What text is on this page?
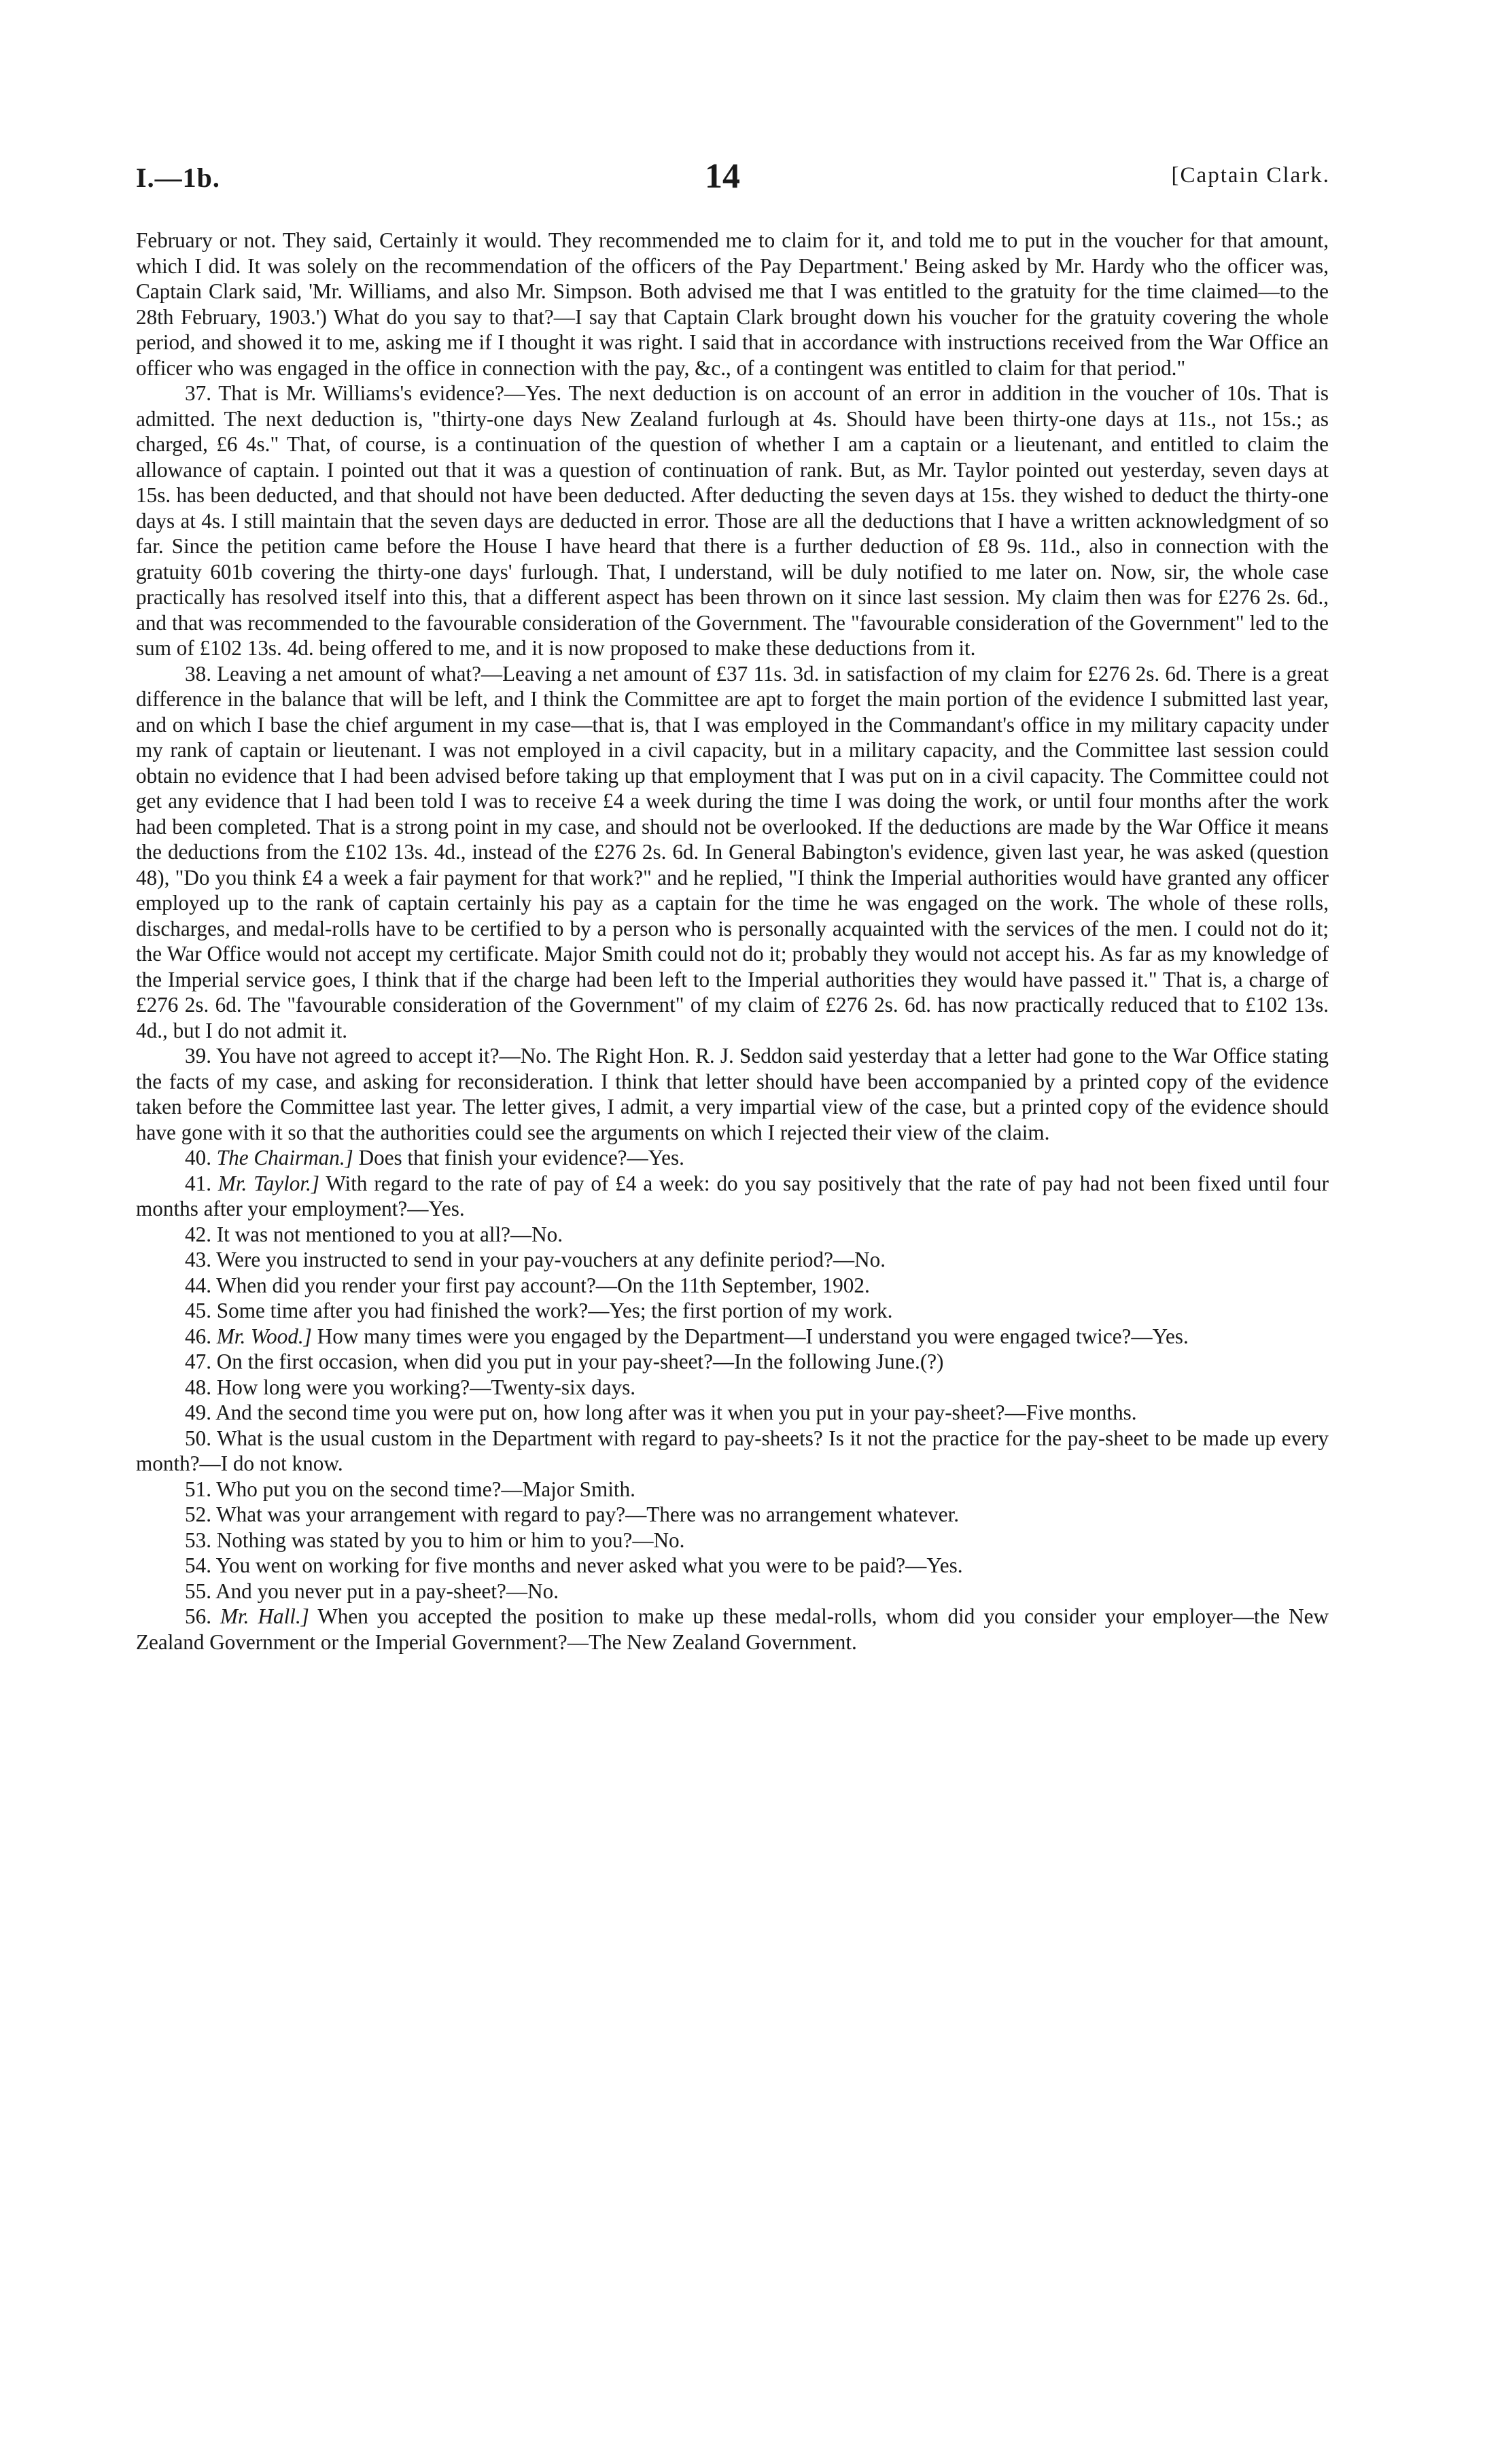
I.—1b.	14	[Captain Clark.

February or not. They said, Certainly it would. They recommended me to claim for it, and told me to put in the voucher for that amount, which I did. It was solely on the recommendation of the officers of the Pay Department.' Being asked by Mr. Hardy who the officer was, Captain Clark said, 'Mr. Williams, and also Mr. Simpson. Both advised me that I was entitled to the gratuity for the time claimed—to the 28th February, 1903.') What do you say to that?—I say that Captain Clark brought down his voucher for the gratuity covering the whole period, and showed it to me, asking me if I thought it was right. I said that in accordance with instructions received from the War Office an officer who was engaged in the office in connection with the pay, &c., of a contingent was entitled to claim for that period."

37. That is Mr. Williams's evidence?—Yes. The next deduction is on account of an error in addition in the voucher of 10s. That is admitted. The next deduction is, "thirty-one days New Zealand furlough at 4s. Should have been thirty-one days at 11s., not 15s.; as charged, £6 4s." That, of course, is a continuation of the question of whether I am a captain or a lieutenant, and entitled to claim the allowance of captain. I pointed out that it was a question of continuation of rank. But, as Mr. Taylor pointed out yesterday, seven days at 15s. has been deducted, and that should not have been deducted. After deducting the seven days at 15s. they wished to deduct the thirty-one days at 4s. I still maintain that the seven days are deducted in error. Those are all the deductions that I have a written acknowledgment of so far. Since the petition came before the House I have heard that there is a further deduction of £8 9s. 11d., also in connection with the gratuity 601b covering the thirty-one days' furlough. That, I understand, will be duly notified to me later on. Now, sir, the whole case practically has resolved itself into this, that a different aspect has been thrown on it since last session. My claim then was for £276 2s. 6d., and that was recommended to the favourable consideration of the Government. The "favourable consideration of the Government" led to the sum of £102 13s. 4d. being offered to me, and it is now proposed to make these deductions from it.

38. Leaving a net amount of what?—Leaving a net amount of £37 11s. 3d. in satisfaction of my claim for £276 2s. 6d. There is a great difference in the balance that will be left, and I think the Committee are apt to forget the main portion of the evidence I submitted last year, and on which I base the chief argument in my case—that is, that I was employed in the Commandant's office in my military capacity under my rank of captain or lieutenant. I was not employed in a civil capacity, but in a military capacity, and the Committee last session could obtain no evidence that I had been advised before taking up that employment that I was put on in a civil capacity. The Committee could not get any evidence that I had been told I was to receive £4 a week during the time I was doing the work, or until four months after the work had been completed. That is a strong point in my case, and should not be overlooked. If the deductions are made by the War Office it means the deductions from the £102 13s. 4d., instead of the £276 2s. 6d. In General Babington's evidence, given last year, he was asked (question 48), "Do you think £4 a week a fair payment for that work?" and he replied, "I think the Imperial authorities would have granted any officer employed up to the rank of captain certainly his pay as a captain for the time he was engaged on the work. The whole of these rolls, discharges, and medal-rolls have to be certified to by a person who is personally acquainted with the services of the men. I could not do it; the War Office would not accept my certificate. Major Smith could not do it; probably they would not accept his. As far as my knowledge of the Imperial service goes, I think that if the charge had been left to the Imperial authorities they would have passed it." That is, a charge of £276 2s. 6d. The "favourable consideration of the Government" of my claim of £276 2s. 6d. has now practically reduced that to £102 13s. 4d., but I do not admit it.

39. You have not agreed to accept it?—No. The Right Hon. R. J. Seddon said yesterday that a letter had gone to the War Office stating the facts of my case, and asking for reconsideration. I think that letter should have been accompanied by a printed copy of the evidence taken before the Committee last year. The letter gives, I admit, a very impartial view of the case, but a printed copy of the evidence should have gone with it so that the authorities could see the arguments on which I rejected their view of the claim.

40. The Chairman.] Does that finish your evidence?—Yes.

41. Mr. Taylor.] With regard to the rate of pay of £4 a week: do you say positively that the rate of pay had not been fixed until four months after your employment?—Yes.

42. It was not mentioned to you at all?—No.

43. Were you instructed to send in your pay-vouchers at any definite period?—No.

44. When did you render your first pay account?—On the 11th September, 1902.

45. Some time after you had finished the work?—Yes; the first portion of my work.

46. Mr. Wood.] How many times were you engaged by the Department—I understand you were engaged twice?—Yes.

47. On the first occasion, when did you put in your pay-sheet?—In the following June.(?)

48. How long were you working?—Twenty-six days.

49. And the second time you were put on, how long after was it when you put in your pay-sheet?—Five months.

50. What is the usual custom in the Department with regard to pay-sheets? Is it not the practice for the pay-sheet to be made up every month?—I do not know.

51. Who put you on the second time?—Major Smith.

52. What was your arrangement with regard to pay?—There was no arrangement whatever.

53. Nothing was stated by you to him or him to you?—No.

54. You went on working for five months and never asked what you were to be paid?—Yes.

55. And you never put in a pay-sheet?—No.

56. Mr. Hall.] When you accepted the position to make up these medal-rolls, whom did you consider your employer—the New Zealand Government or the Imperial Government?—The New Zealand Government.
